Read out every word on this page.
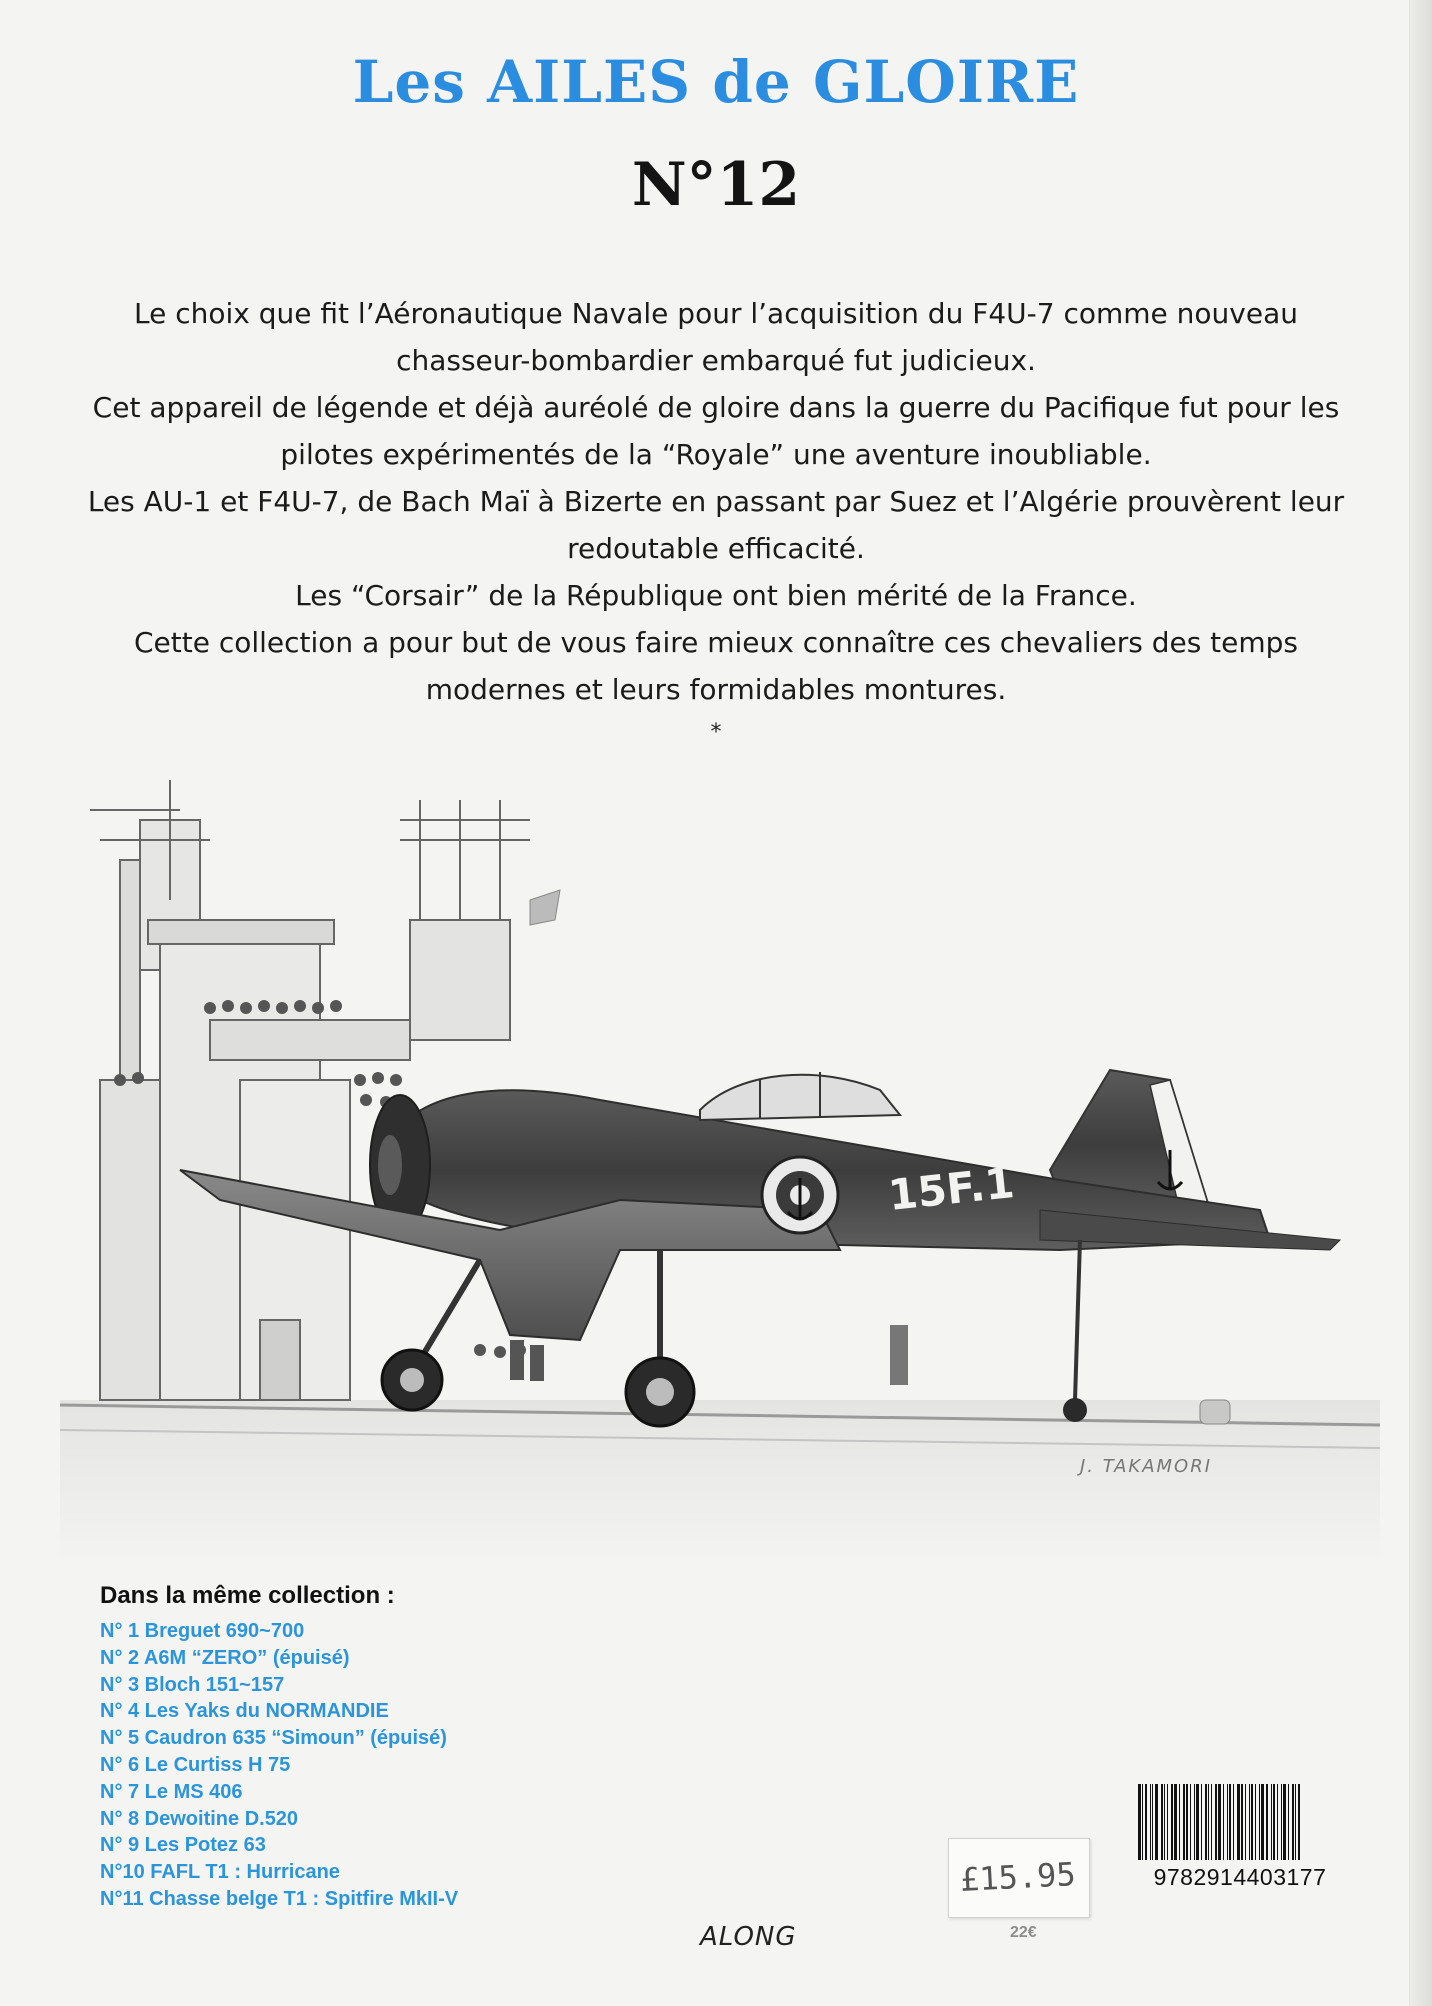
Les AILES de GLOIRE
N°12

Le choix que fit l’Aéronautique Navale pour l’acquisition du F4U-7 comme nouveau chasseur-bombardier embarqué fut judicieux.

Cet appareil de légende et déjà auréolé de gloire dans la guerre du Pacifique fut pour les pilotes expérimentés de la “Royale” une aventure inoubliable.

Les AU-1 et F4U-7, de Bach Maï à Bizerte en passant par Suez et l’Algérie prouvèrent leur redoutable efficacité.

Les “Corsair” de la République ont bien mérité de la France.

Cette collection a pour but de vous faire mieux connaître ces chevaliers des temps modernes et leurs formidables montures.

*
15F.1
J. TAKAMORI
Dans la même collection :
N° 1 Breguet 690~700
N° 2 A6M “ZERO” (épuisé)
N° 3 Bloch 151~157
N° 4 Les Yaks du NORMANDIE
N° 5 Caudron 635 “Simoun” (épuisé)
N° 6 Le Curtiss H 75
N° 7 Le MS 406
N° 8 Dewoitine D.520
N° 9 Les Potez 63
N°10 FAFL T1 : Hurricane
N°11 Chasse belge T1 : Spitfire MkII-V
9782914403177
£15.95
22€
ALONG
